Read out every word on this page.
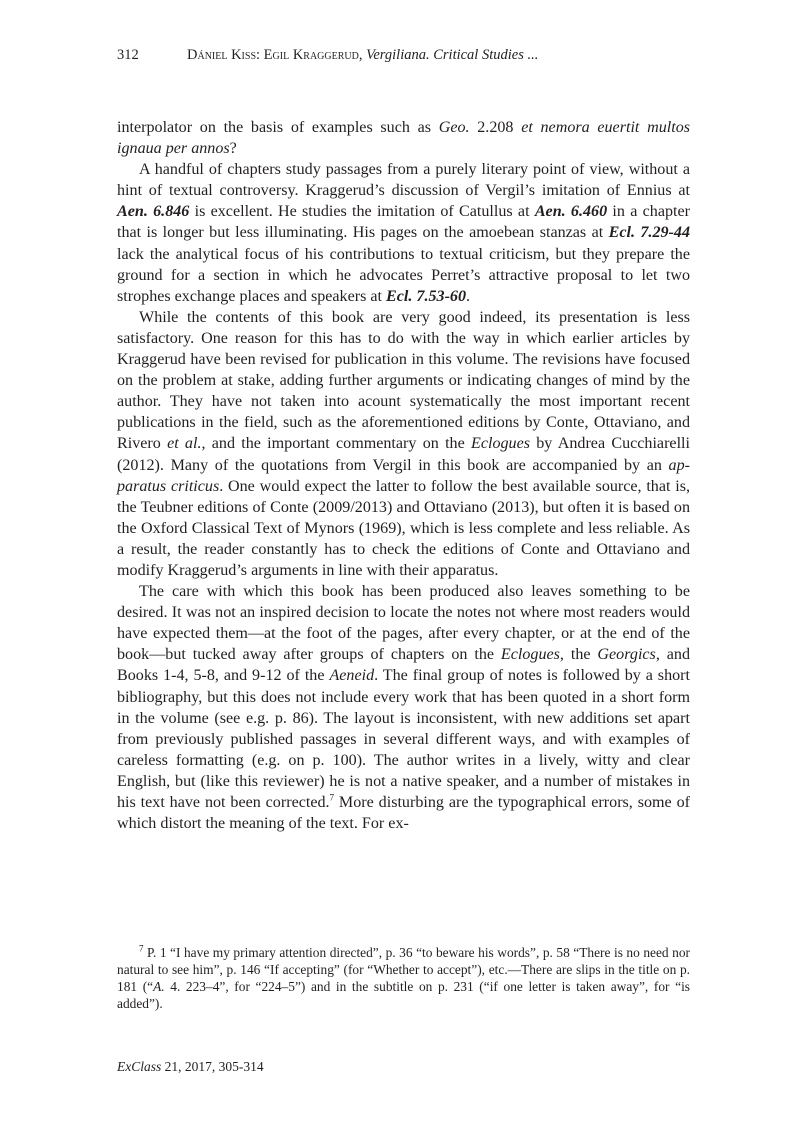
312	Dániel Kiss: Egil Kraggerud, Vergiliana. Critical Studies ...

interpolator on the basis of examples such as Geo. 2.208 et nemora euertit multos ignaua per annos?

A handful of chapters study passages from a purely literary point of view, without a hint of textual controversy. Kraggerud’s discussion of Vergil’s imitation of Ennius at Aen. 6.846 is excellent. He studies the imitation of Catullus at Aen. 6.460 in a chapter that is longer but less illuminating. His pages on the amoebean stanzas at Ecl. 7.29-44 lack the analytical focus of his contributions to textual criticism, but they prepare the ground for a section in which he advocates Perret’s attractive proposal to let two strophes exchange places and speakers at Ecl. 7.53-60.

While the contents of this book are very good indeed, its presentation is less satisfactory. One reason for this has to do with the way in which earlier articles by Kraggerud have been revised for publication in this volume. The revisions have focused on the problem at stake, adding further arguments or indicating changes of mind by the author. They have not taken into acount systematically the most important recent publications in the field, such as the aforementioned editions by Conte, Ottaviano, and Rivero et al., and the important commentary on the Eclogues by Andrea Cucchiarelli (2012). Many of the quotations from Vergil in this book are accompanied by an apparatus criticus. One would expect the latter to follow the best available source, that is, the Teubner editions of Conte (2009/2013) and Ottaviano (2013), but often it is based on the Oxford Classical Text of Mynors (1969), which is less complete and less reliable. As a result, the reader constantly has to check the editions of Conte and Ottaviano and modify Kraggerud’s arguments in line with their apparatus.

The care with which this book has been produced also leaves something to be desired. It was not an inspired decision to locate the notes not where most readers would have expected them—at the foot of the pages, after every chapter, or at the end of the book—but tucked away after groups of chapters on the Eclogues, the Georgics, and Books 1-4, 5-8, and 9-12 of the Aeneid. The final group of notes is followed by a short bibliography, but this does not include every work that has been quoted in a short form in the volume (see e.g. p. 86). The layout is inconsistent, with new additions set apart from previously published passages in several different ways, and with examples of careless formatting (e.g. on p. 100). The author writes in a lively, witty and clear English, but (like this reviewer) he is not a native speaker, and a number of mistakes in his text have not been corrected.$^7$ More disturbing are the typographical errors, some of which distort the meaning of the text. For ex-

$^7$ P. 1 “I have my primary attention directed”, p. 36 “to beware his words”, p. 58 “There is no need nor natural to see him”, p. 146 “If accepting” (for “Whether to accept”), etc.—There are slips in the title on p. 181 (“A. 4. 223–4”, for “224–5”) and in the subtitle on p. 231 (“if one letter is taken away”, for “is added”).

ExClass 21, 2017, 305-314
